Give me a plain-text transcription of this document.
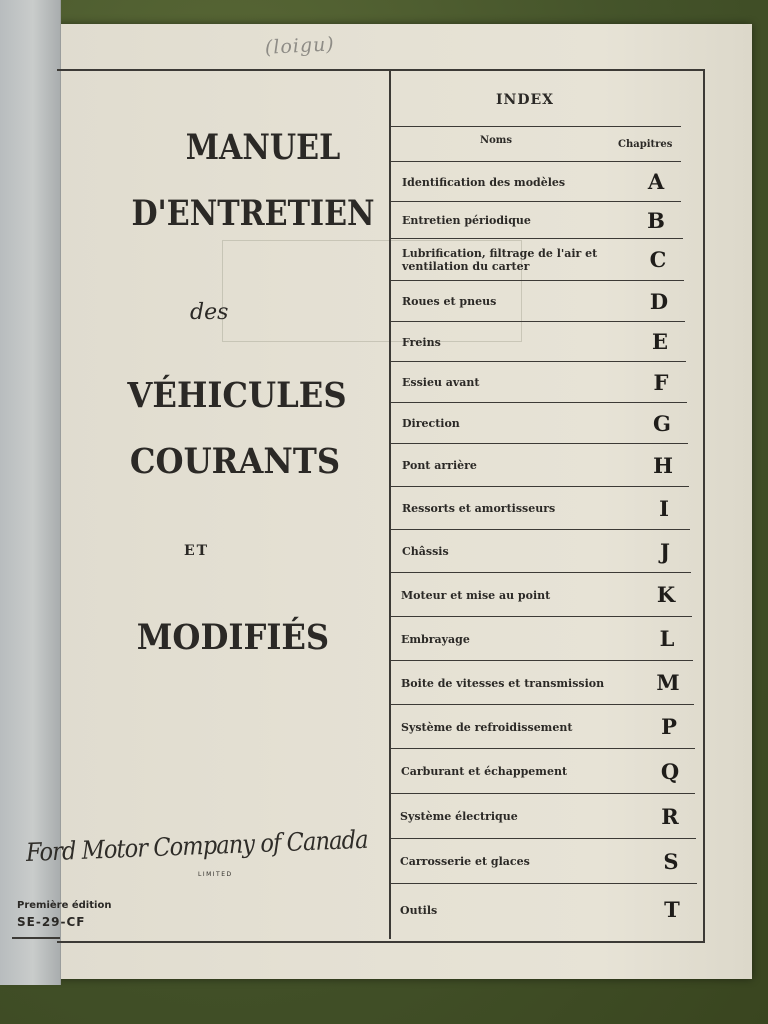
(loigu)
MANUEL
D'ENTRETIEN
des
VÉHICULES
COURANTS
ET
MODIFIÉS
Ford Motor Company of Canada
LIMITED
Première édition
SE-29-CF
INDEX
Noms	Chapitres
Identification des modèles	A
Entretien périodique	B
Lubrification, filtrage de l'air et
ventilation du carter	C
Roues et pneus	D
Freins	E
Essieu avant	F
Direction	G
Pont arrière	H
Ressorts et amortisseurs	I
Châssis	J
Moteur et mise au point	K
Embrayage	L
Boite de vitesses et transmission M
Système de refroidissement	P
Carburant et échappement	Q
Système électrique	R
Carrosserie et glaces	S
Outils	T
